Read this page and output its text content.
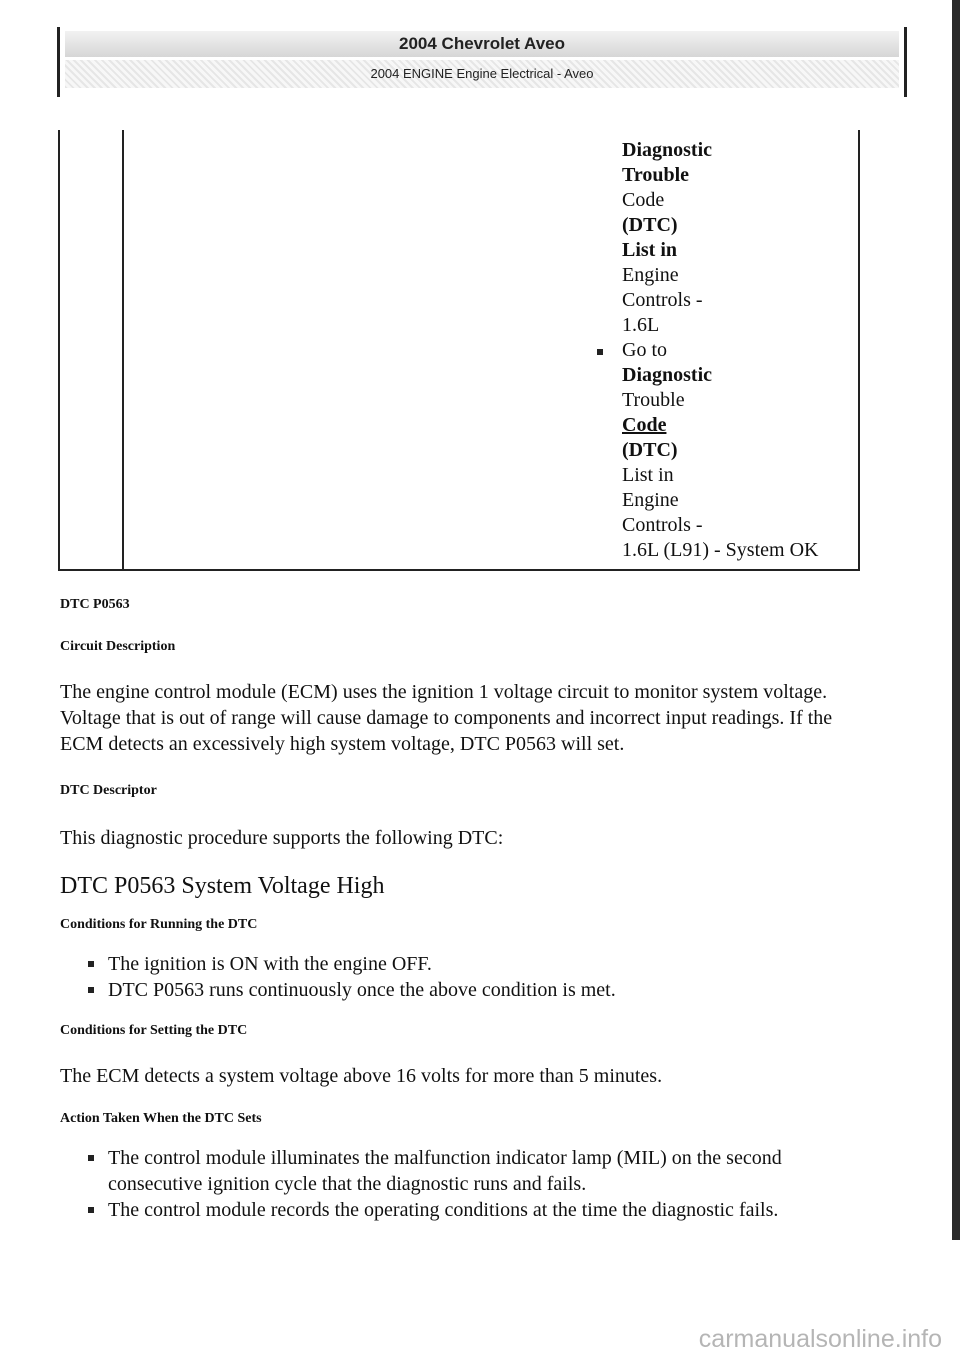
2004 Chevrolet Aveo
2004 ENGINE Engine Electrical - Aveo
Diagnostic
Trouble
Code
(DTC)
List in
Engine
Controls -
1.6L
Go to
Diagnostic
Trouble
Code
(DTC)
List in
Engine
Controls -
1.6L (L91) - System OK

DTC P0563

Circuit Description

The engine control module (ECM) uses the ignition 1 voltage circuit to monitor system voltage. Voltage that is out of range will cause damage to components and incorrect input readings. If the ECM detects an excessively high system voltage, DTC P0563 will set.

DTC Descriptor

This diagnostic procedure supports the following DTC:

DTC P0563 System Voltage High

Conditions for Running the DTC

The ignition is ON with the engine OFF.
DTC P0563 runs continuously once the above condition is met.

Conditions for Setting the DTC

The ECM detects a system voltage above 16 volts for more than 5 minutes.

Action Taken When the DTC Sets

The control module illuminates the malfunction indicator lamp (MIL) on the second consecutive ignition cycle that the diagnostic runs and fails.
The control module records the operating conditions at the time the diagnostic fails.
carmanualsonline.info
